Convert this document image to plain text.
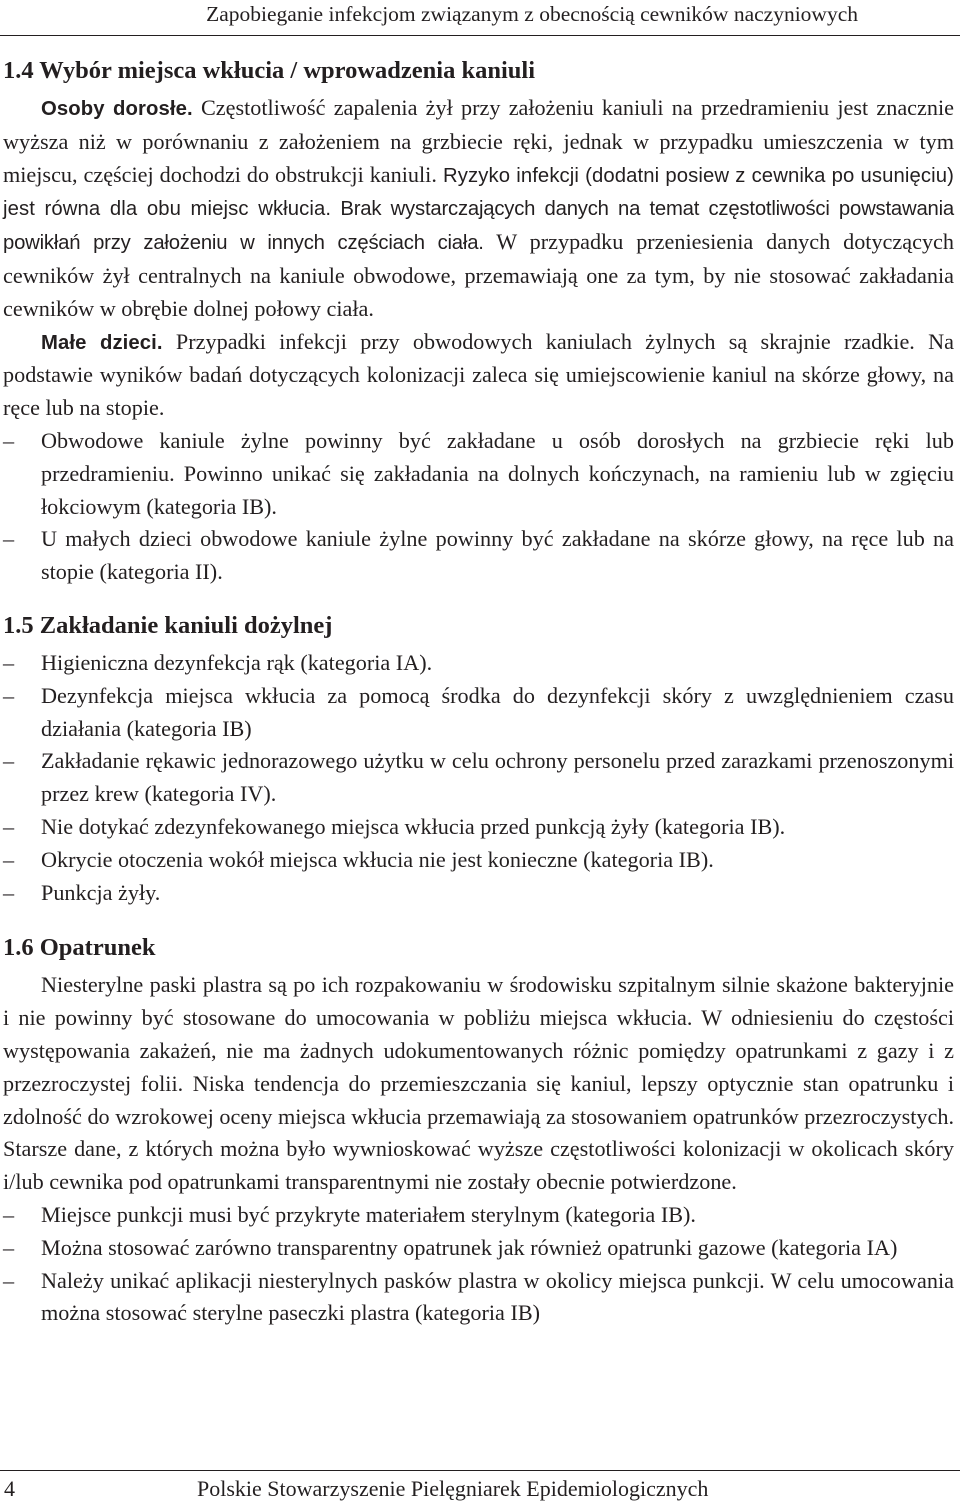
Zapobieganie infekcjom związanym z obecnością cewników naczyniowych
1.4 Wybór miejsca wkłucia / wprowadzenia kaniuli

Osoby dorosłe. Częstotliwość zapalenia żył przy założeniu kaniuli na przedramieniu jest znacznie wyższa niż w porównaniu z założeniem na grzbiecie ręki, jednak w przypadku umieszczenia w tym miejscu, częściej dochodzi do obstrukcji kaniuli. Ryzyko infekcji (dodatni posiew z cewnika po usunięciu) jest równa dla obu miejsc wkłucia. Brak wystarczających danych na temat częstotliwości powstawania powikłań przy założeniu w innych częściach ciała. W przypadku przeniesienia danych dotyczących cewników żył centralnych na kaniule obwodowe, przemawiają one za tym, by nie stosować zakładania cewników w obrębie dolnej połowy ciała.

Małe dzieci. Przypadki infekcji przy obwodowych kaniulach żylnych są skrajnie rzadkie. Na podstawie wyników badań dotyczących kolonizacji zaleca się umiejscowienie kaniul na skórze głowy, na ręce lub na stopie.

–	Obwodowe kaniule żylne powinny być zakładane u osób dorosłych na grzbiecie ręki lub przedramieniu. Powinno unikać się zakładania na dolnych kończynach, na ramieniu lub w zgięciu łokciowym (kategoria IB).
–	U małych dzieci obwodowe kaniule żylne powinny być zakładane na skórze głowy, na ręce lub na stopie (kategoria II).
1.5 Zakładanie kaniuli dożylnej
–	Higieniczna dezynfekcja rąk (kategoria IA).
–	Dezynfekcja miejsca wkłucia za pomocą środka do dezynfekcji skóry z uwzględnieniem czasu działania (kategoria IB)
–	Zakładanie rękawic jednorazowego użytku w celu ochrony personelu przed zarazkami przenoszonymi przez krew (kategoria IV).
–	Nie dotykać zdezynfekowanego miejsca wkłucia przed punkcją żyły (kategoria IB).
–	Okrycie otoczenia wokół miejsca wkłucia nie jest konieczne (kategoria IB).
–	Punkcja żyły.
1.6 Opatrunek

Niesterylne paski plastra są po ich rozpakowaniu w środowisku szpitalnym silnie skażone bakteryjnie i nie powinny być stosowane do umocowania w pobliżu miejsca wkłucia. W odniesieniu do częstości występowania zakażeń, nie ma żadnych udokumentowanych różnic pomiędzy opatrunkami z gazy i z przezroczystej folii. Niska tendencja do przemieszczania się kaniul, lepszy optycznie stan opatrunku i zdolność do wzrokowej oceny miejsca wkłucia przemawiają za stosowaniem opatrunków przezroczystych. Starsze dane, z których można było wywnioskować wyższe częstotliwości kolonizacji w okolicach skóry i/lub cewnika pod opatrunkami transparentnymi nie zostały obecnie potwierdzone.

–	Miejsce punkcji musi być przykryte materiałem sterylnym (kategoria IB).
–	Można stosować zarówno transparentny opatrunek jak również opatrunki gazowe (kategoria IA)
–	Należy unikać aplikacji niesterylnych pasków plastra w okolicy miejsca punkcji. W celu umocowania można stosować sterylne paseczki plastra (kategoria IB)
4	Polskie Stowarzyszenie Pielęgniarek Epidemiologicznych
